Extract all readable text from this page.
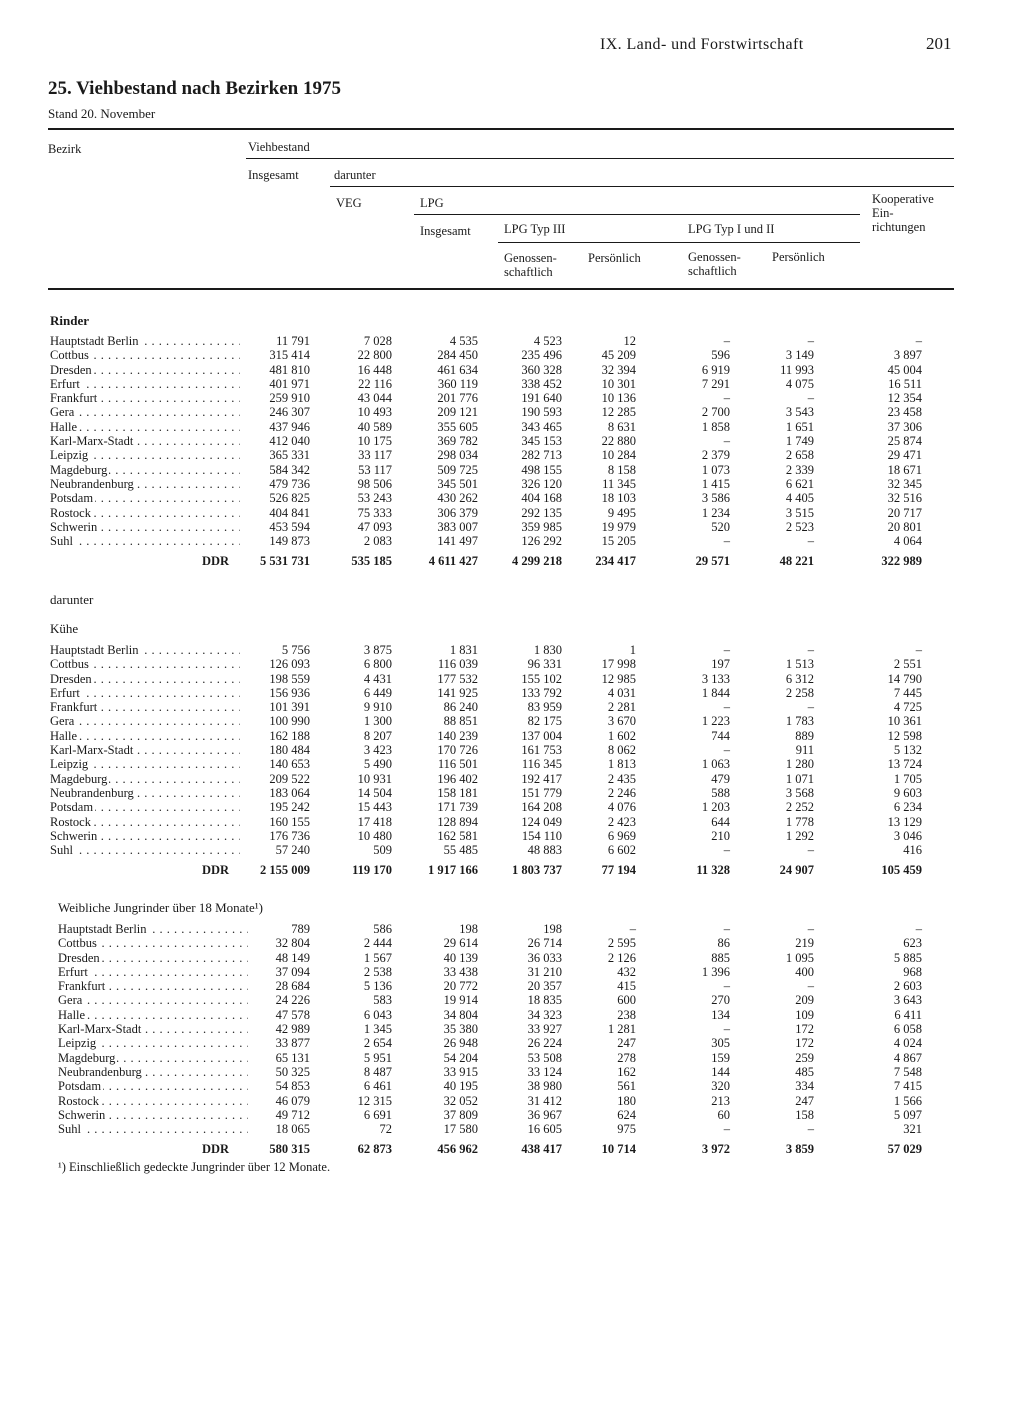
IX. Land- und Forstwirtschaft	201
25. Viehbestand nach Bezirken 1975
Stand 20. November
Bezirk	Viehbestand
Insgesamt	darunter
VEG	LPG	Kooperative
Ein-
richtungen
Insgesamt	LPG Typ III	LPG Typ I und II
Genossen-
schaftlich
Persönlich	Genossen-
schaftlich
Persönlich
Rinder
Hauptstadt Berlin . . .	11 791	7 028	4 535	4 523	12	–	–	–
Cottbus . . .	315 414	22 800	284 450	235 496	45 209	596	3 149	3 897
Dresden . . .	481 810	16 448	461 634	360 328	32 394	6 919	11 993	45 004
Erfurt . . .	401 971	22 116	360 119	338 452	10 301	7 291	4 075	16 511
Frankfurt . . .	259 910	43 044	201 776	191 640	10 136	–	–	12 354
Gera . . .	246 307	10 493	209 121	190 593	12 285	2 700	3 543	23 458
Halle . . .	437 946	40 589	355 605	343 465	8 631	1 858	1 651	37 306
Karl-Marx-Stadt . . .	412 040	10 175	369 782	345 153	22 880	–	1 749	25 874
Leipzig . . .	365 331	33 117	298 034	282 713	10 284	2 379	2 658	29 471
Magdeburg . . .	584 342	53 117	509 725	498 155	8 158	1 073	2 339	18 671
Neubrandenburg . . .	479 736	98 506	345 501	326 120	11 345	1 415	6 621	32 345
Potsdam . . .	526 825	53 243	430 262	404 168	18 103	3 586	4 405	32 516
Rostock . . .	404 841	75 333	306 379	292 135	9 495	1 234	3 515	20 717
Schwerin . . .	453 594	47 093	383 007	359 985	19 979	520	2 523	20 801
Suhl . . .	149 873	2 083	141 497	126 292	15 205	–	–	4 064
DDR	5 531 731	535 185	4 611 427	4 299 218	234 417	29 571	48 221	322 989
darunter
Kühe
Hauptstadt Berlin . . .	5 756	3 875	1 831	1 830	1	–	–	–
Cottbus . . .	126 093	6 800	116 039	96 331	17 998	197	1 513	2 551
Dresden . . .	198 559	4 431	177 532	155 102	12 985	3 133	6 312	14 790
Erfurt . . .	156 936	6 449	141 925	133 792	4 031	1 844	2 258	7 445
Frankfurt . . .	101 391	9 910	86 240	83 959	2 281	–	–	4 725
Gera . . .	100 990	1 300	88 851	82 175	3 670	1 223	1 783	10 361
Halle . . .	162 188	8 207	140 239	137 004	1 602	744	889	12 598
Karl-Marx-Stadt . . .	180 484	3 423	170 726	161 753	8 062	–	911	5 132
Leipzig . . .	140 653	5 490	116 501	116 345	1 813	1 063	1 280	13 724
Magdeburg . . .	209 522	10 931	196 402	192 417	2 435	479	1 071	1 705
Neubrandenburg . . .	183 064	14 504	158 181	151 779	2 246	588	3 568	9 603
Potsdam . . .	195 242	15 443	171 739	164 208	4 076	1 203	2 252	6 234
Rostock . . .	160 155	17 418	128 894	124 049	2 423	644	1 778	13 129
Schwerin . . .	176 736	10 480	162 581	154 110	6 969	210	1 292	3 046
Suhl . . .	57 240	509	55 485	48 883	6 602	–	–	416
DDR	2 155 009	119 170	1 917 166	1 803 737	77 194	11 328	24 907	105 459
Weibliche Jungrinder über 18 Monate¹)
Hauptstadt Berlin . . .	789	586	198	198	–	–	–	–
Cottbus . . .	32 804	2 444	29 614	26 714	2 595	86	219	623
Dresden . . .	48 149	1 567	40 139	36 033	2 126	885	1 095	5 885
Erfurt . . .	37 094	2 538	33 438	31 210	432	1 396	400	968
Frankfurt . . .	28 684	5 136	20 772	20 357	415	–	–	2 603
Gera . . .	24 226	583	19 914	18 835	600	270	209	3 643
Halle . . .	47 578	6 043	34 804	34 323	238	134	109	6 411
Karl-Marx-Stadt . . .	42 989	1 345	35 380	33 927	1 281	–	172	6 058
Leipzig . . .	33 877	2 654	26 948	26 224	247	305	172	4 024
Magdeburg . . .	65 131	5 951	54 204	53 508	278	159	259	4 867
Neubrandenburg . . .	50 325	8 487	33 915	33 124	162	144	485	7 548
Potsdam . . .	54 853	6 461	40 195	38 980	561	320	334	7 415
Rostock . . .	46 079	12 315	32 052	31 412	180	213	247	1 566
Schwerin . . .	49 712	6 691	37 809	36 967	624	60	158	5 097
Suhl . . .	18 065	72	17 580	16 605	975	–	–	321
DDR	580 315	62 873	456 962	438 417	10 714	3 972	3 859	57 029
¹) Einschließlich gedeckte Jungrinder über 12 Monate.
